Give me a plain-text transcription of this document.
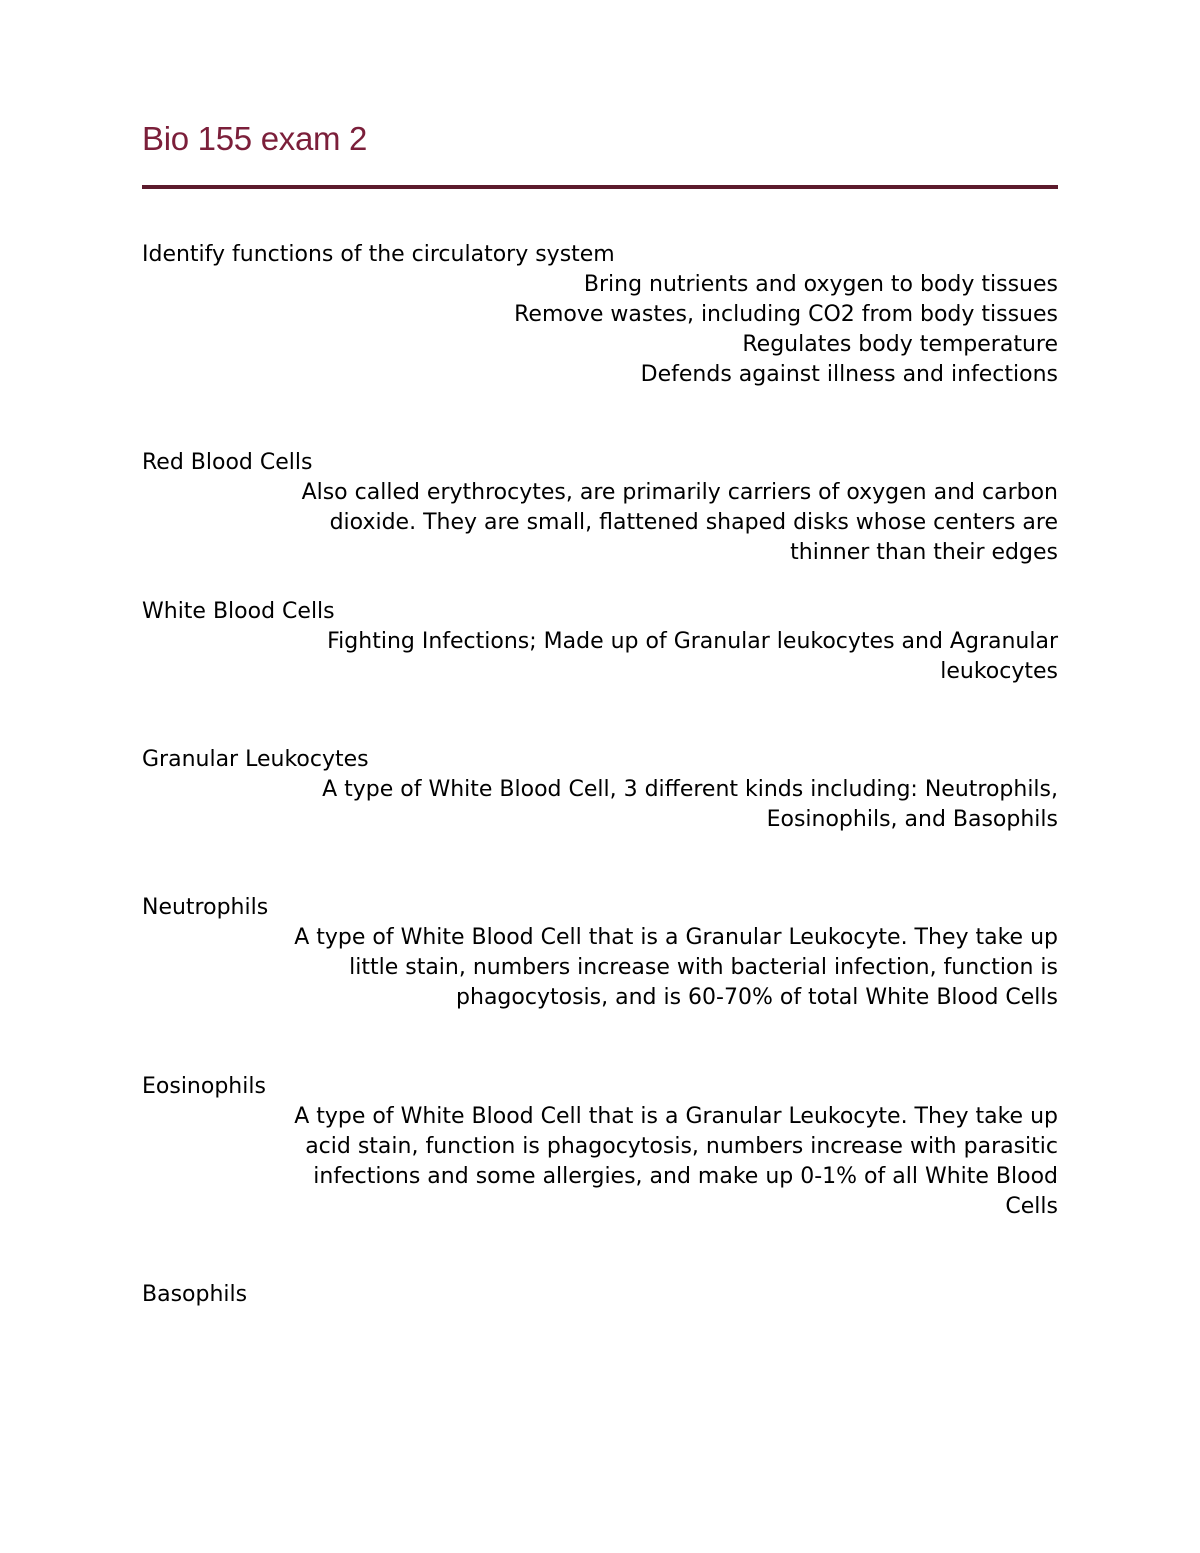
Bio 155 exam 2

Identify functions of the circulatory system

Bring nutrients and oxygen to body tissues
Remove wastes, including CO2 from body tissues
Regulates body temperature
Defends against illness and infections

Red Blood Cells

Also called erythrocytes, are primarily carriers of oxygen and carbon
dioxide. They are small, flattened shaped disks whose centers are
thinner than their edges

White Blood Cells

Fighting Infections; Made up of Granular leukocytes and Agranular
leukocytes

Granular Leukocytes

A type of White Blood Cell, 3 different kinds including: Neutrophils,
Eosinophils, and Basophils

Neutrophils

A type of White Blood Cell that is a Granular Leukocyte. They take up
little stain, numbers increase with bacterial infection, function is
phagocytosis, and is 60-70% of total White Blood Cells

Eosinophils

A type of White Blood Cell that is a Granular Leukocyte. They take up
acid stain, function is phagocytosis, numbers increase with parasitic
infections and some allergies, and make up 0-1% of all White Blood
Cells

Basophils
